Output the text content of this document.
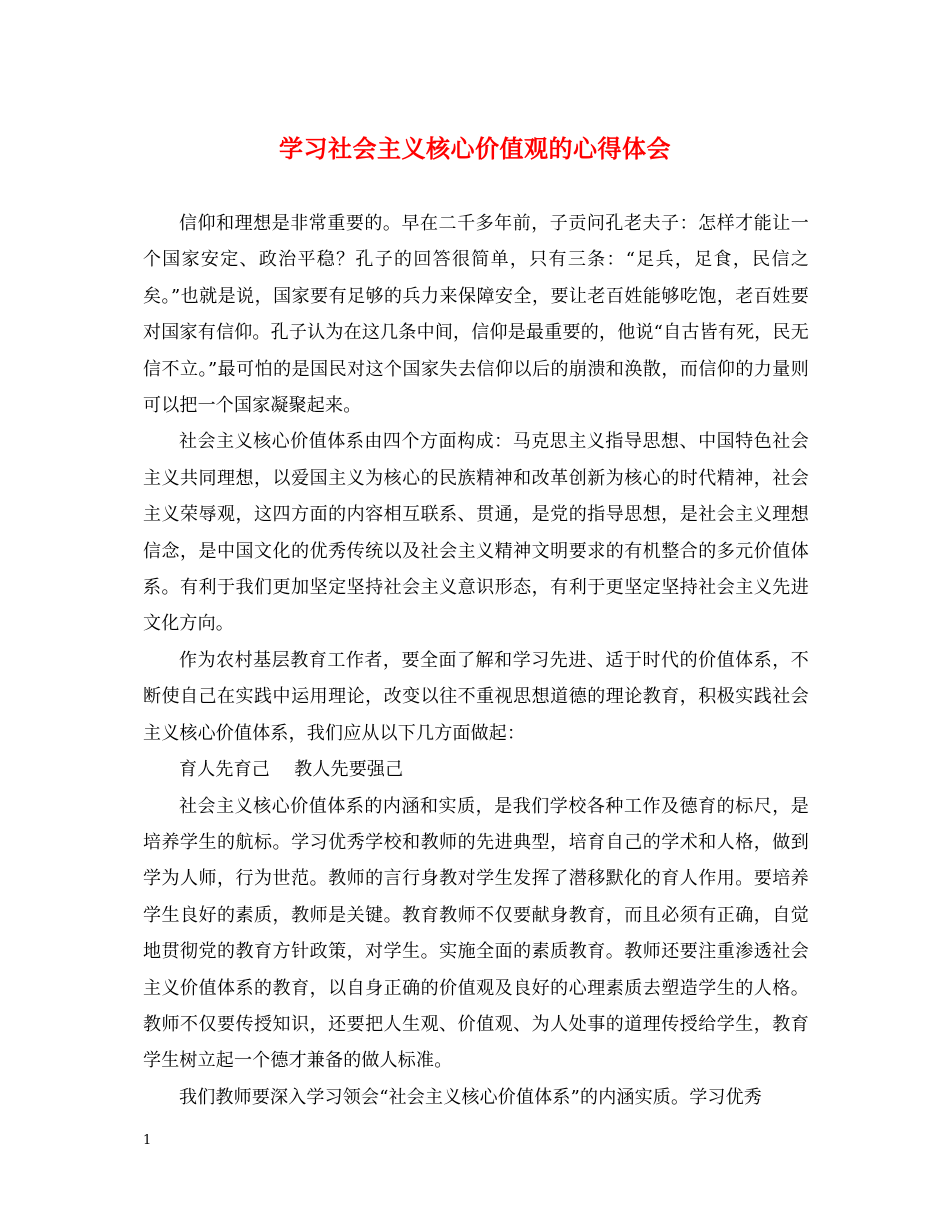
学习社会主义核心价值观的心得体会

信仰和理想是非常重要的。早在二千多年前，子贡问孔老夫子：怎样才能让一个国家安定、政治平稳？孔子的回答很简单，只有三条：“足兵，足食，民信之矣。”也就是说，国家要有足够的兵力来保障安全，要让老百姓能够吃饱，老百姓要对国家有信仰。孔子认为在这几条中间，信仰是最重要的，他说“自古皆有死，民无信不立。”最可怕的是国民对这个国家失去信仰以后的崩溃和涣散，而信仰的力量则可以把一个国家凝聚起来。

社会主义核心价值体系由四个方面构成：马克思主义指导思想、中国特色社会主义共同理想，以爱国主义为核心的民族精神和改革创新为核心的时代精神，社会主义荣辱观，这四方面的内容相互联系、贯通，是党的指导思想，是社会主义理想信念，是中国文化的优秀传统以及社会主义精神文明要求的有机整合的多元价值体系。有利于我们更加坚定坚持社会主义意识形态，有利于更坚定坚持社会主义先进文化方向。

作为农村基层教育工作者，要全面了解和学习先进、适于时代的价值体系，不断使自己在实践中运用理论，改变以往不重视思想道德的理论教育，积极实践社会主义核心价值体系，我们应从以下几方面做起：

育人先育己　 教人先要强己

社会主义核心价值体系的内涵和实质，是我们学校各种工作及德育的标尺，是培养学生的航标。学习优秀学校和教师的先进典型，培育自己的学术和人格，做到学为人师，行为世范。教师的言行身教对学生发挥了潜移默化的育人作用。要培养学生良好的素质，教师是关键。教育教师不仅要献身教育，而且必须有正确，自觉地贯彻党的教育方针政策，对学生。实施全面的素质教育。教师还要注重渗透社会主义价值体系的教育，以自身正确的价值观及良好的心理素质去塑造学生的人格。教师不仅要传授知识，还要把人生观、价值观、为人处事的道理传授给学生，教育学生树立起一个德才兼备的做人标准。

我们教师要深入学习领会“社会主义核心价值体系”的内涵实质。学习优秀

1
